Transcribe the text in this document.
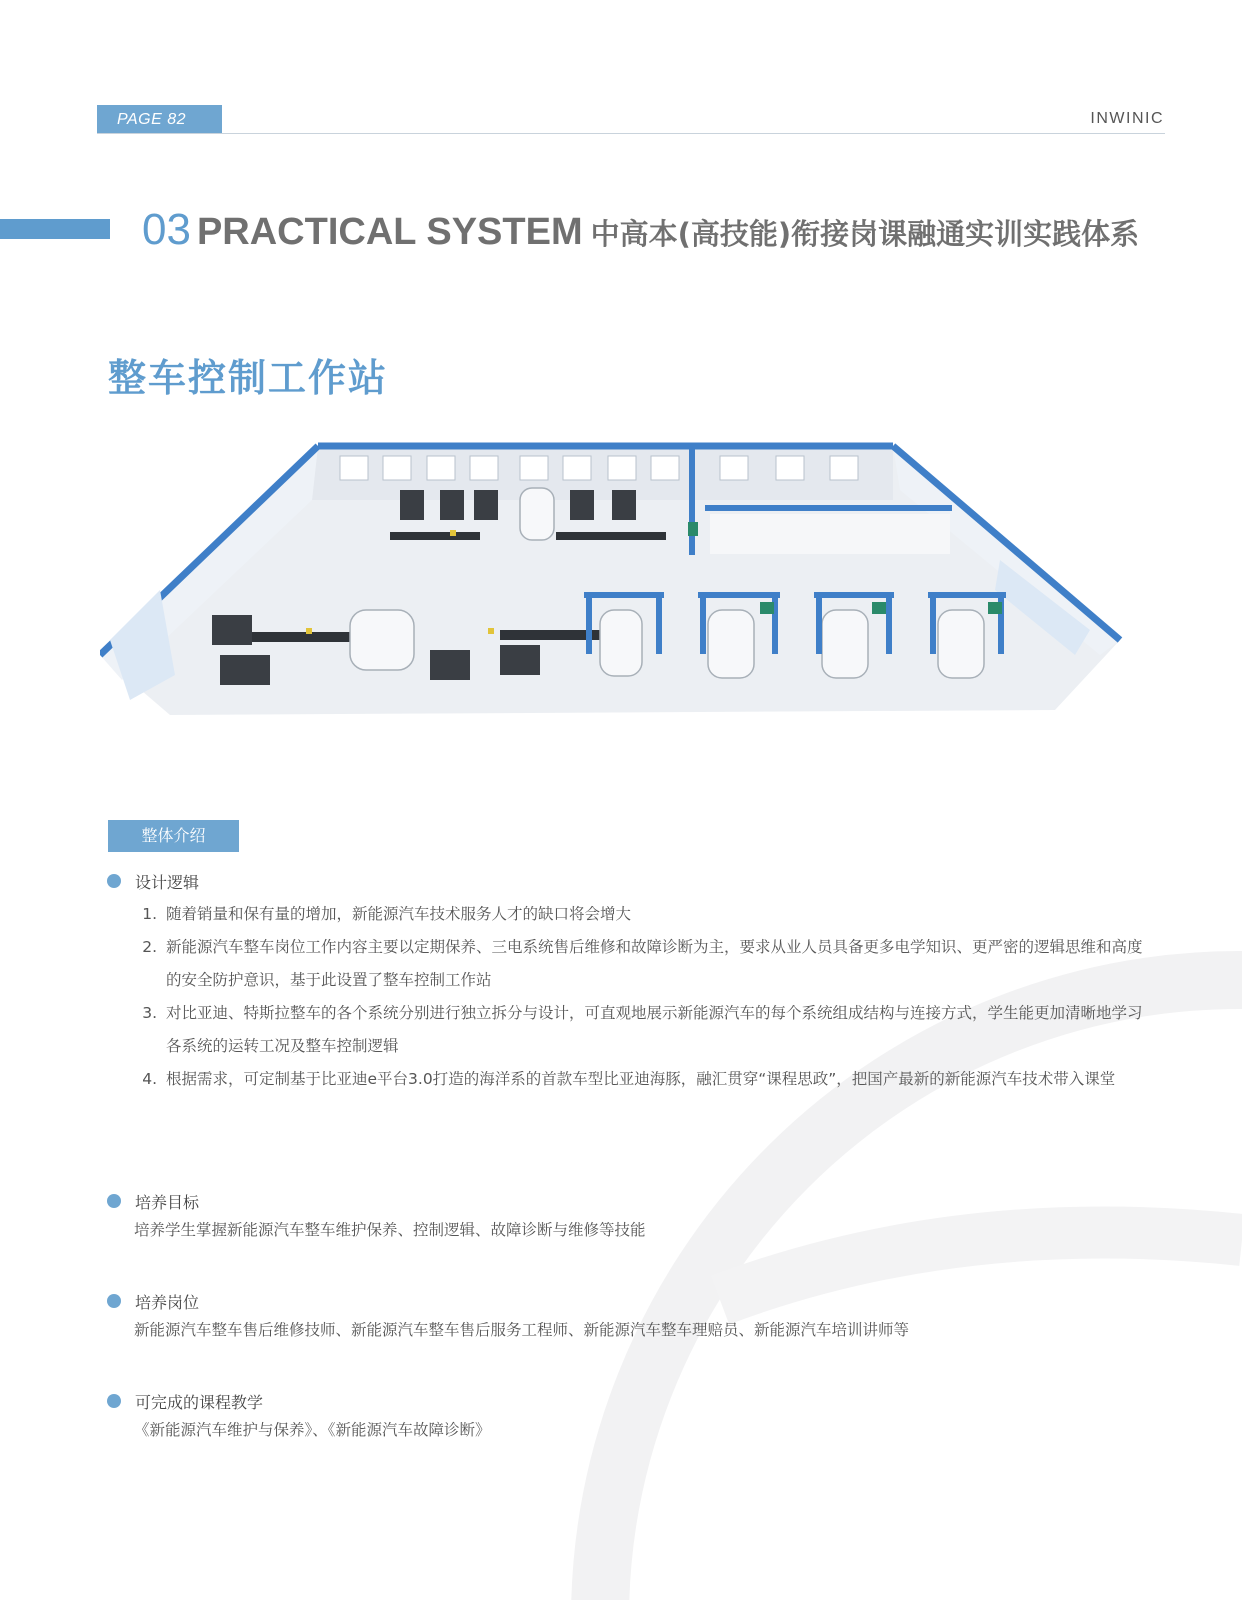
PAGE 82	INWINIC
03 PRACTICAL SYSTEM 中高本(高技能)衔接岗课融通实训实践体系
整车控制工作站
整体介绍
设计逻辑
1. 随着销量和保有量的增加，新能源汽车技术服务人才的缺口将会增大
2. 新能源汽车整车岗位工作内容主要以定期保养、三电系统售后维修和故障诊断为主，要求从业人员具备更多电学知识、更严密的逻辑思维和高度的安全防护意识，基于此设置了整车控制工作站
3. 对比亚迪、特斯拉整车的各个系统分别进行独立拆分与设计，可直观地展示新能源汽车的每个系统组成结构与连接方式，学生能更加清晰地学习各系统的运转工况及整车控制逻辑
4. 根据需求，可定制基于比亚迪e平台3.0打造的海洋系的首款车型比亚迪海豚，融汇贯穿“课程思政”，把国产最新的新能源汽车技术带入课堂
培养目标
培养学生掌握新能源汽车整车维护保养、控制逻辑、故障诊断与维修等技能
培养岗位
新能源汽车整车售后维修技师、新能源汽车整车售后服务工程师、新能源汽车整车理赔员、新能源汽车培训讲师等
可完成的课程教学
《新能源汽车维护与保养》、《新能源汽车故障诊断》
